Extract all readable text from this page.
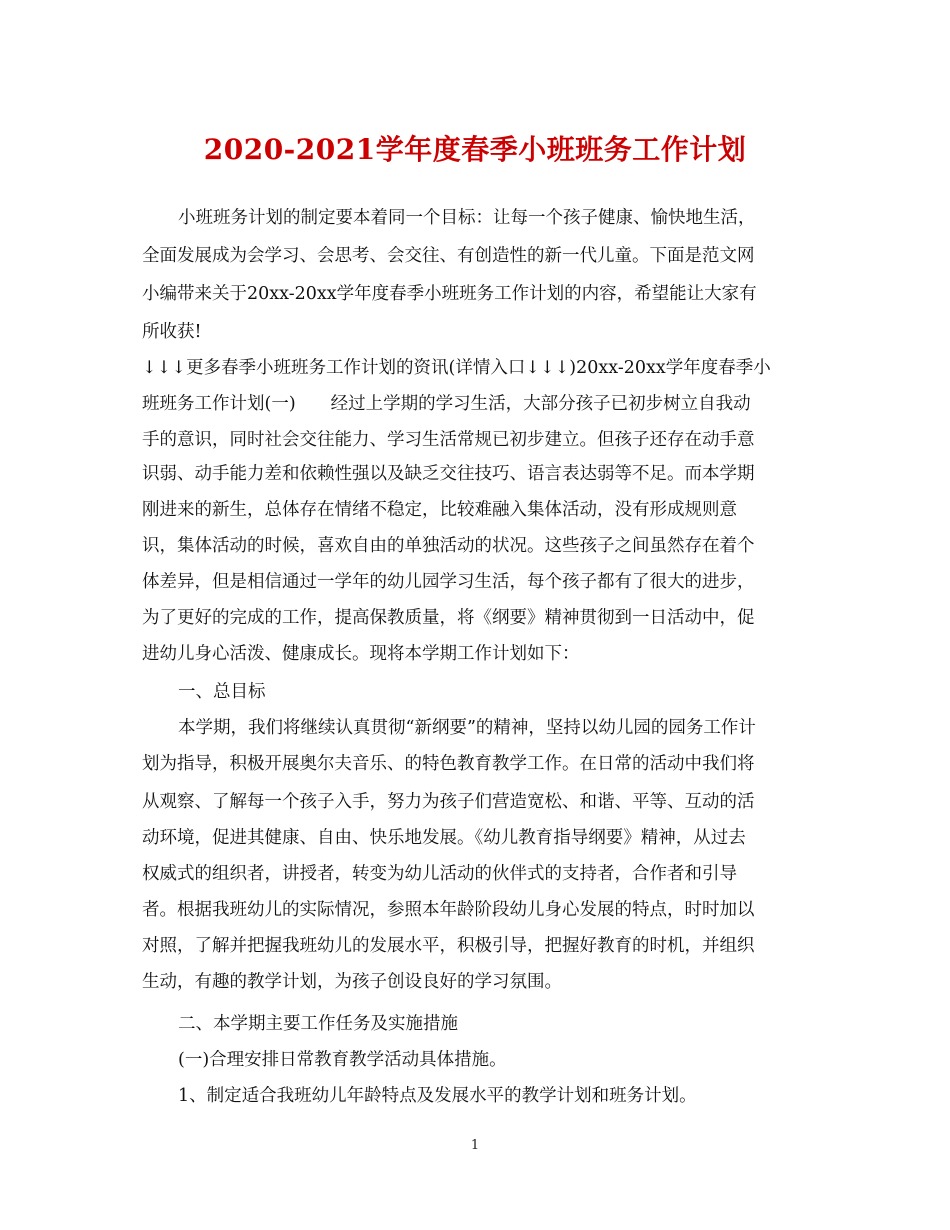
2020-2021学年度春季小班班务工作计划
小班班务计划的制定要本着同一个目标：让每一个孩子健康、愉快地生活，
全面发展成为会学习、会思考、会交往、有创造性的新一代儿童。下面是范文网
小编带来关于20xx-20xx学年度春季小班班务工作计划的内容，希望能让大家有
所收获!
↓↓↓更多春季小班班务工作计划的资讯(详情入口↓↓↓)20xx-20xx学年度春季小
班班务工作计划(一)　　经过上学期的学习生活，大部分孩子已初步树立自我动
手的意识，同时社会交往能力、学习生活常规已初步建立。但孩子还存在动手意
识弱、动手能力差和依赖性强以及缺乏交往技巧、语言表达弱等不足。而本学期
刚进来的新生，总体存在情绪不稳定，比较难融入集体活动，没有形成规则意
识，集体活动的时候，喜欢自由的单独活动的状况。这些孩子之间虽然存在着个
体差异，但是相信通过一学年的幼儿园学习生活，每个孩子都有了很大的进步，
为了更好的完成的工作，提高保教质量，将《纲要》精神贯彻到一日活动中，促
进幼儿身心活泼、健康成长。现将本学期工作计划如下：
一、总目标
本学期，我们将继续认真贯彻“新纲要”的精神，坚持以幼儿园的园务工作计
划为指导，积极开展奥尔夫音乐、的特色教育教学工作。在日常的活动中我们将
从观察、了解每一个孩子入手，努力为孩子们营造宽松、和谐、平等、互动的活
动环境，促进其健康、自由、快乐地发展。《幼儿教育指导纲要》精神，从过去
权威式的组织者，讲授者，转变为幼儿活动的伙伴式的支持者，合作者和引导
者。根据我班幼儿的实际情况，参照本年龄阶段幼儿身心发展的特点，时时加以
对照，了解并把握我班幼儿的发展水平，积极引导，把握好教育的时机，并组织
生动，有趣的教学计划，为孩子创设良好的学习氛围。
二、本学期主要工作任务及实施措施
(一)合理安排日常教育教学活动具体措施。
1、制定适合我班幼儿年龄特点及发展水平的教学计划和班务计划。
1
